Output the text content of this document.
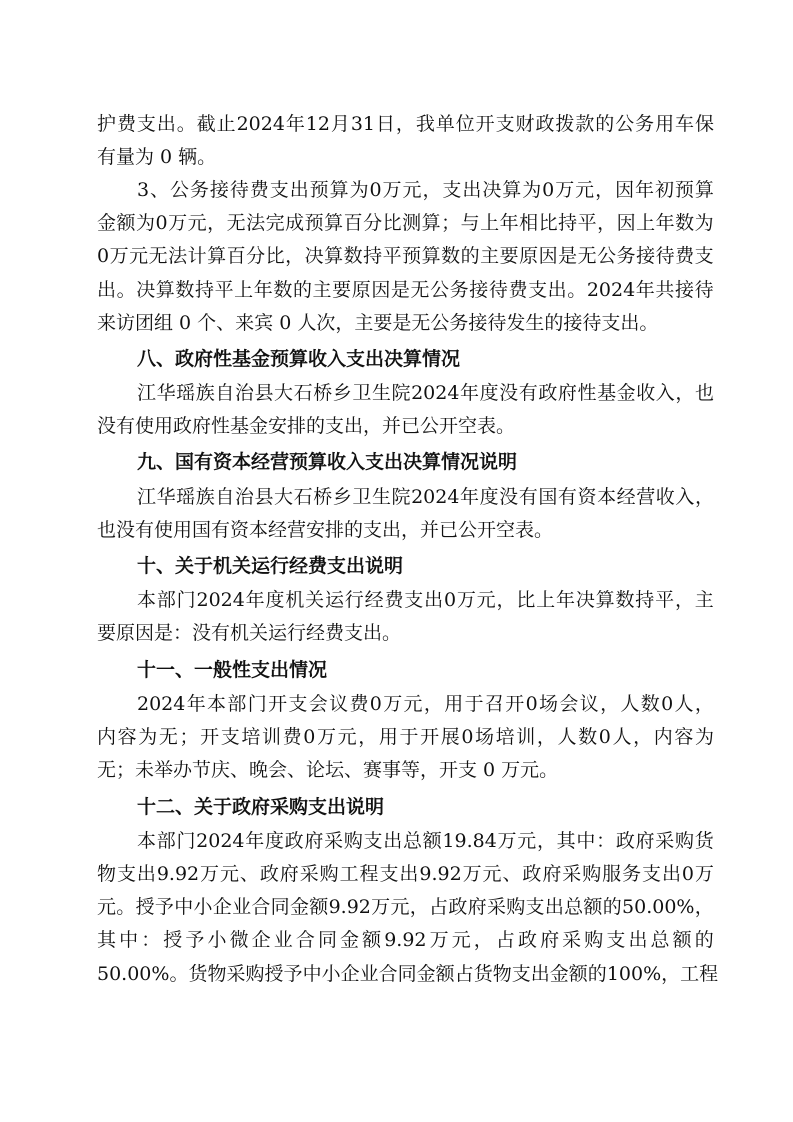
护 费 支 出 。 截 止 2024 年 12 月 31 日 ， 我 单 位 开 支 财 政 拨 款 的 公 务 用 车 保
有量为 0 辆。
3 、 公 务 接 待 费 支 出 预 算 为 0 万 元 ， 支 出 决 算 为 0 万 元 ， 因 年 初 预 算
金 额 为 0 万 元 ， 无 法 完 成 预 算 百 分 比 测 算 ； 与 上 年 相 比 持 平 ， 因 上 年 数 为
0 万 元 无 法 计 算 百 分 比 ， 决 算 数 持 平 预 算 数 的 主 要 原 因 是 无 公 务 接 待 费 支
出 。 决 算 数 持 平 上 年 数 的 主 要 原 因 是 无 公 务 接 待 费 支 出 。 2024 年 共 接 待
来访团组 0 个、来宾 0 人次，主要是无公务接待发生的接待支出。
八、政府性基金预算收入支出决算情况
江 华 瑶 族 自 治 县 大 石 桥 乡 卫 生 院 2024 年 度 没 有 政 府 性 基 金 收 入 ， 也
没有使用政府性基金安排的支出，并已公开空表。
九、国有资本经营预算收入支出决算情况说明
江 华 瑶 族 自 治 县 大 石 桥 乡 卫 生 院 2024 年 度 没 有 国 有 资 本 经 营 收 入 ，
也没有使用国有资本经营安排的支出，并已公开空表。
十、关于机关运行经费支出说明
本 部 门 2024 年 度 机 关 运 行 经 费 支 出 0 万 元 ， 比 上 年 决 算 数 持 平 ， 主
要原因是：没有机关运行经费支出。
十一、一般性支出情况
2024 年 本 部 门 开 支 会 议 费 0 万 元 ， 用 于 召 开 0 场 会 议 ， 人 数 0 人 ，
内 容 为 无 ； 开 支 培 训 费 0 万 元 ， 用 于 开 展 0 场 培 训 ， 人 数 0 人 ， 内 容 为
无；未举办节庆、晚会、论坛、赛事等，开支 0 万元。
十二、关于政府采购支出说明
本 部 门 2024 年 度 政 府 采 购 支 出 总 额 19.84 万 元 ， 其 中 ： 政 府 采 购 货
物 支 出 9.92 万 元 、 政 府 采 购 工 程 支 出 9.92 万 元 、 政 府 采 购 服 务 支 出 0 万
元 。 授 予 中 小 企 业 合 同 金 额 9.92 万 元 ， 占 政 府 采 购 支 出 总 额 的 50.00% ，
其 中 ： 授 予 小 微 企 业 合 同 金 额 9.92 万 元 ， 占 政 府 采 购 支 出 总 额 的
50.00% 。 货 物 采 购 授 予 中 小 企 业 合 同 金 额 占 货 物 支 出 金 额 的 100% ， 工 程
